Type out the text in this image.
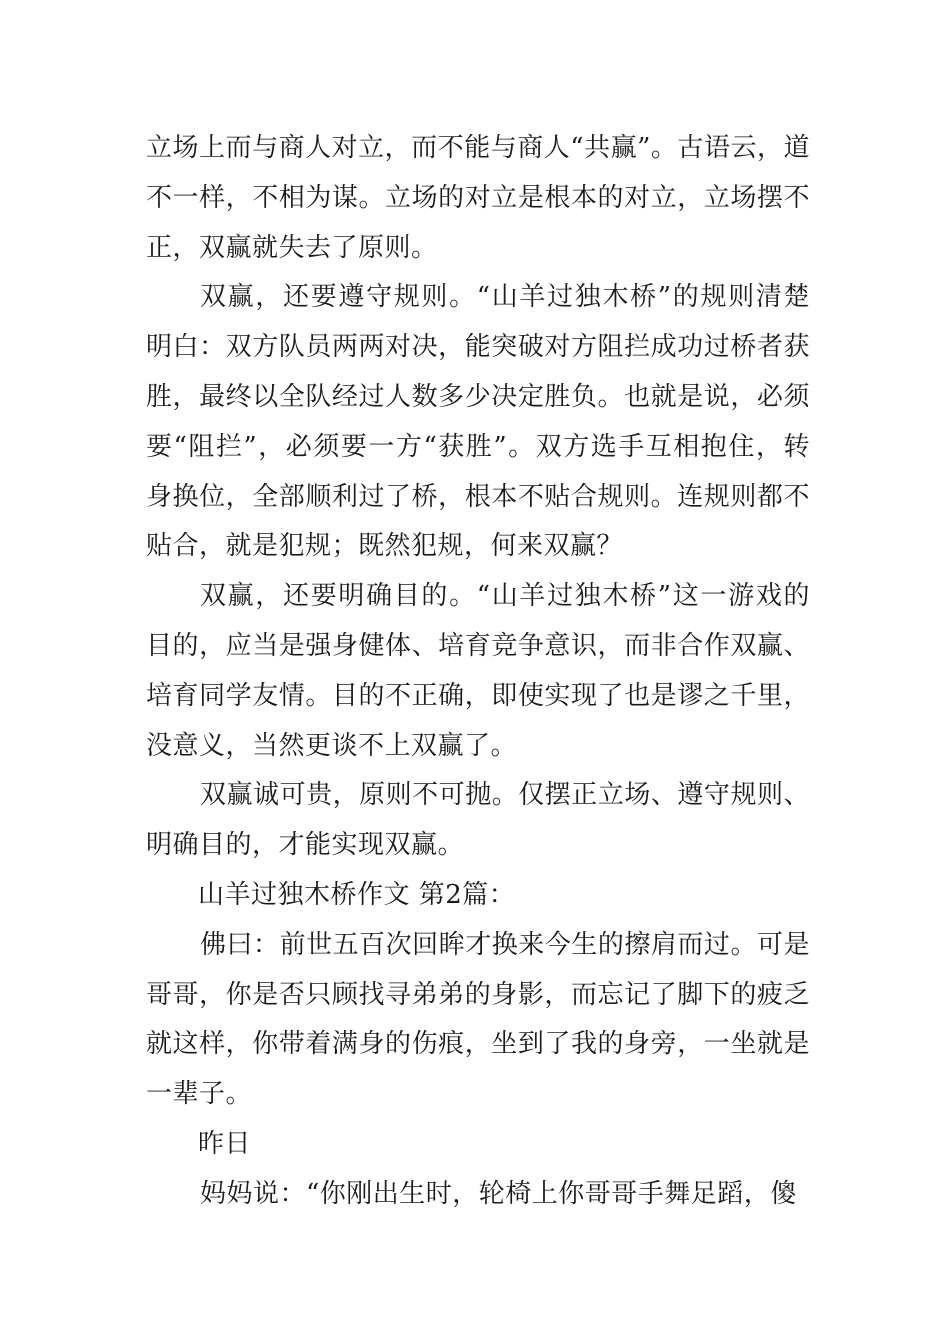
立场上而与商人对立，而不能与商人“共赢”。古语云，道不一样，不相为谋。立场的对立是根本的对立，立场摆不正，双赢就失去了原则。

双赢，还要遵守规则。“山羊过独木桥”的规则清楚明白：双方队员两两对决，能突破对方阻拦成功过桥者获胜，最终以全队经过人数多少决定胜负。也就是说，必须要“阻拦”，必须要一方“获胜”。双方选手互相抱住，转身换位，全部顺利过了桥，根本不贴合规则。连规则都不贴合，就是犯规；既然犯规，何来双赢？

双赢，还要明确目的。“山羊过独木桥”这一游戏的目的，应当是强身健体、培育竞争意识，而非合作双赢、培育同学友情。目的不正确，即使实现了也是谬之千里，没意义，当然更谈不上双赢了。

双赢诚可贵，原则不可抛。仅摆正立场、遵守规则、明确目的，才能实现双赢。

山羊过独木桥作文 第2篇：

佛曰：前世五百次回眸才换来今生的擦肩而过。可是哥哥，你是否只顾找寻弟弟的身影，而忘记了脚下的疲乏就这样，你带着满身的伤痕，坐到了我的身旁，一坐就是一辈子。

昨日

妈妈说：“你刚出生时，轮椅上你哥哥手舞足蹈，傻
